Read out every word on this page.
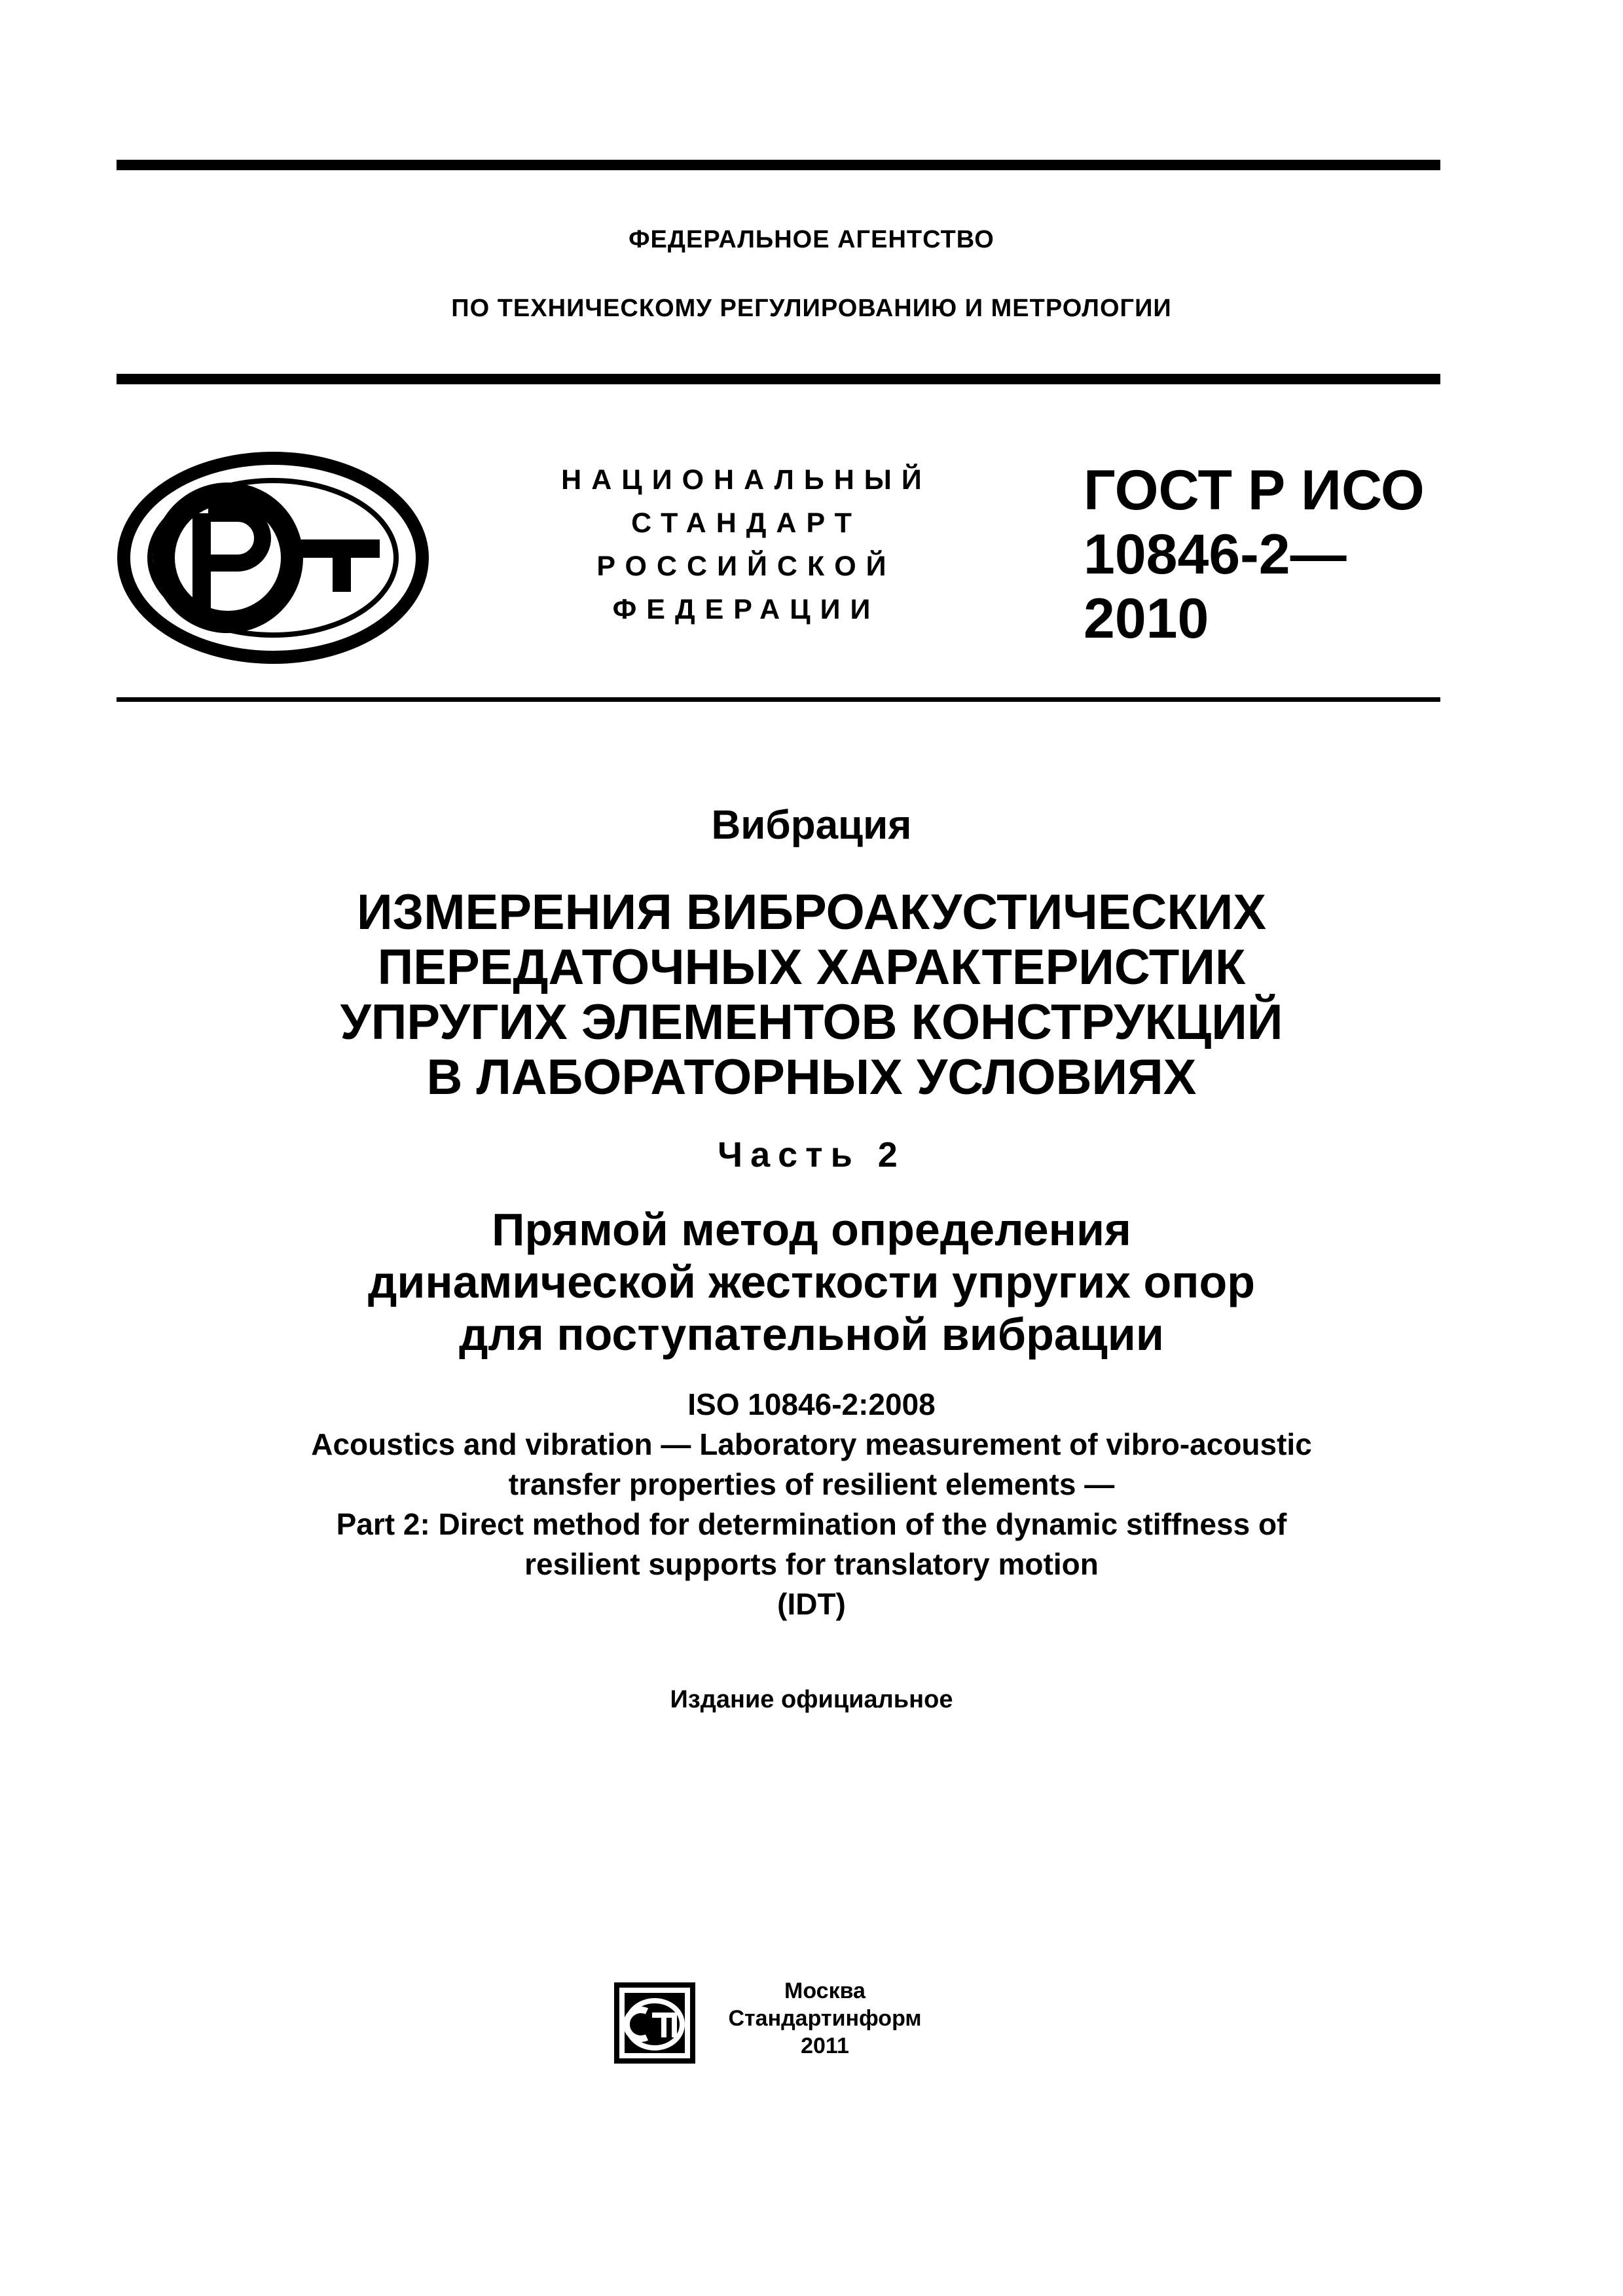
ФЕДЕРАЛЬНОЕ АГЕНТСТВО
ПО ТЕХНИЧЕСКОМУ РЕГУЛИРОВАНИЮ И МЕТРОЛОГИИ
НАЦИОНАЛЬНЫЙ
СТАНДАРТ
РОССИЙСКОЙ
ФЕДЕРАЦИИ
ГОСТ Р ИСО
10846-2—
2010
Вибрация
ИЗМЕРЕНИЯ ВИБРОАКУСТИЧЕСКИХ
ПЕРЕДАТОЧНЫХ ХАРАКТЕРИСТИК
УПРУГИХ ЭЛЕМЕНТОВ КОНСТРУКЦИЙ
В ЛАБОРАТОРНЫХ УСЛОВИЯХ
Часть 2
Прямой метод определения
динамической жесткости упругих опор
для поступательной вибрации
ISO 10846-2:2008
Acoustics and vibration — Laboratory measurement of vibro-acoustic
transfer properties of resilient elements —
Part 2: Direct method for determination of the dynamic stiffness of
resilient supports for translatory motion
(IDT)
Издание официальное
Москва
Стандартинформ
2011
